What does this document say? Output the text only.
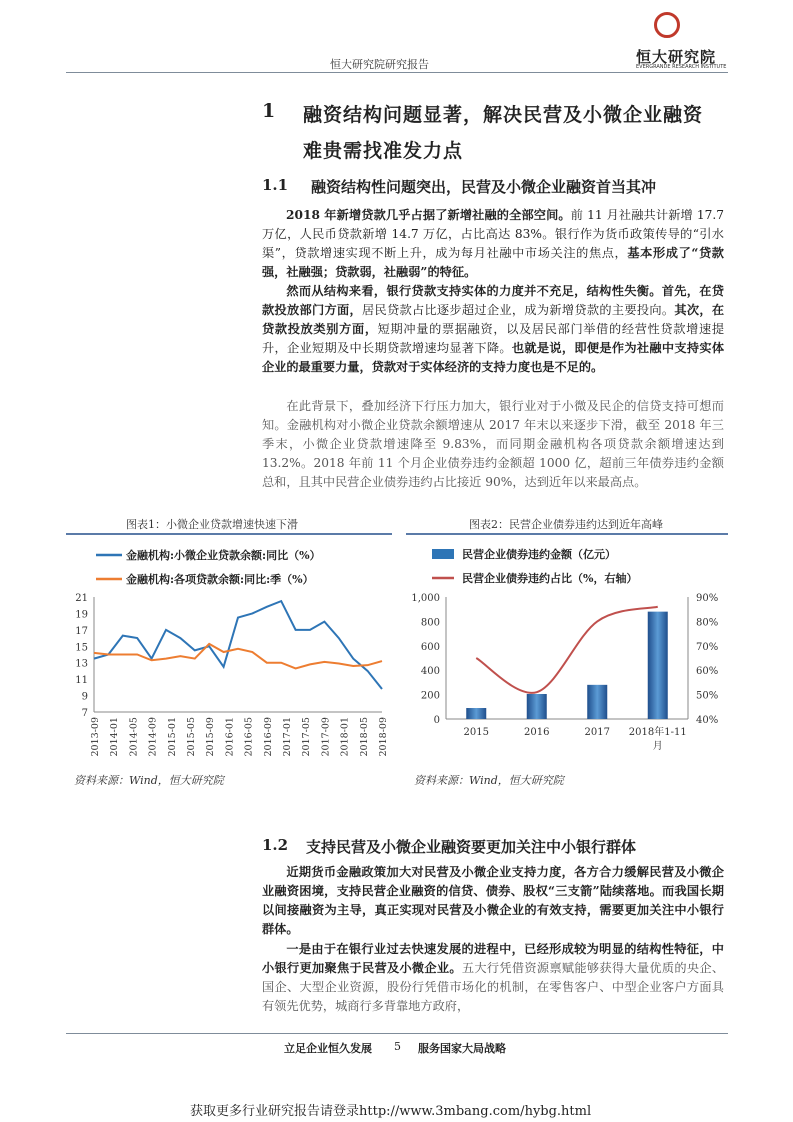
恒大研究院研究报告	恒大研究院
EVERGRANDE RESEARCH INSTITUTE
1 融资结构问题显著，解决民营及小微企业融资
难贵需找准发力点
1.1 融资结构性问题突出，民营及小微企业融资首当其冲
2018 年新增贷款几乎占据了新增社融的全部空间。前 11 月社融共计新增 17.7 万亿，人民币贷款新增 14.7 万亿，占比高达 83%。银行作为货币政策传导的“引水渠”，贷款增速实现不断上升，成为每月社融中市场关注的焦点，基本形成了“贷款强，社融强；贷款弱，社融弱”的特征。
然而从结构来看，银行贷款支持实体的力度并不充足，结构性失衡。首先，在贷款投放部门方面，居民贷款占比逐步超过企业，成为新增贷款的主要投向。其次，在贷款投放类别方面，短期冲量的票据融资，以及居民部门举借的经营性贷款增速提升，企业短期及中长期贷款增速均显著下降。也就是说，即便是作为社融中支持实体企业的最重要力量，贷款对于实体经济的支持力度也是不足的。
在此背景下，叠加经济下行压力加大，银行业对于小微及民企的信贷支持可想而知。金融机构对小微企业贷款余额增速从 2017 年末以来逐步下滑，截至 2018 年三季末，小微企业贷款增速降至 9.83%，而同期金融机构各项贷款余额增速达到 13.2%。2018 年前 11 个月企业债券违约金额超 1000 亿，超前三年债券违约金额总和，且其中民营企业债券违约占比接近 90%，达到近年以来最高点。
图表1：小微企业贷款增速快速下滑
金融机构:小微企业贷款余额:同比（%）
金融机构:各项贷款余额:同比:季（%）
7
9
11
13
15
17
19
21
2013-09 2014-01 2014-05 2014-09 2015-01 2015-05 2015-09 2016-01 2016-05 2016-09 2017-01 2017-05 2017-09 2018-01 2018-05 2018-09
资料来源：Wind，恒大研究院
图表2：民营企业债券违约达到近年高峰
民营企业债券违约金额（亿元）
民营企业债券违约占比（%，右轴）
0
200
400
600
800
1,000
40%
50%
60%
70%
80%
90%
2015	2016	2017 2018年1-11
月
资料来源：Wind，恒大研究院
1.2 支持民营及小微企业融资要更加关注中小银行群体
近期货币金融政策加大对民营及小微企业支持力度，各方合力缓解民营及小微企业融资困境，支持民营企业融资的信贷、债券、股权“三支箭”陆续落地。而我国长期以间接融资为主导，真正实现对民营及小微企业的有效支持，需要更加关注中小银行群体。
一是由于在银行业过去快速发展的进程中，已经形成较为明显的结构性特征，中小银行更加聚焦于民营及小微企业。五大行凭借资源禀赋能够获得大量优质的央企、国企、大型企业资源，股份行凭借市场化的机制，在零售客户、中型企业客户方面具有领先优势，城商行多背靠地方政府，
立足企业恒久发展 5 服务国家大局战略
获取更多行业研究报告请登录http://www.3mbang.com/hybg.html
